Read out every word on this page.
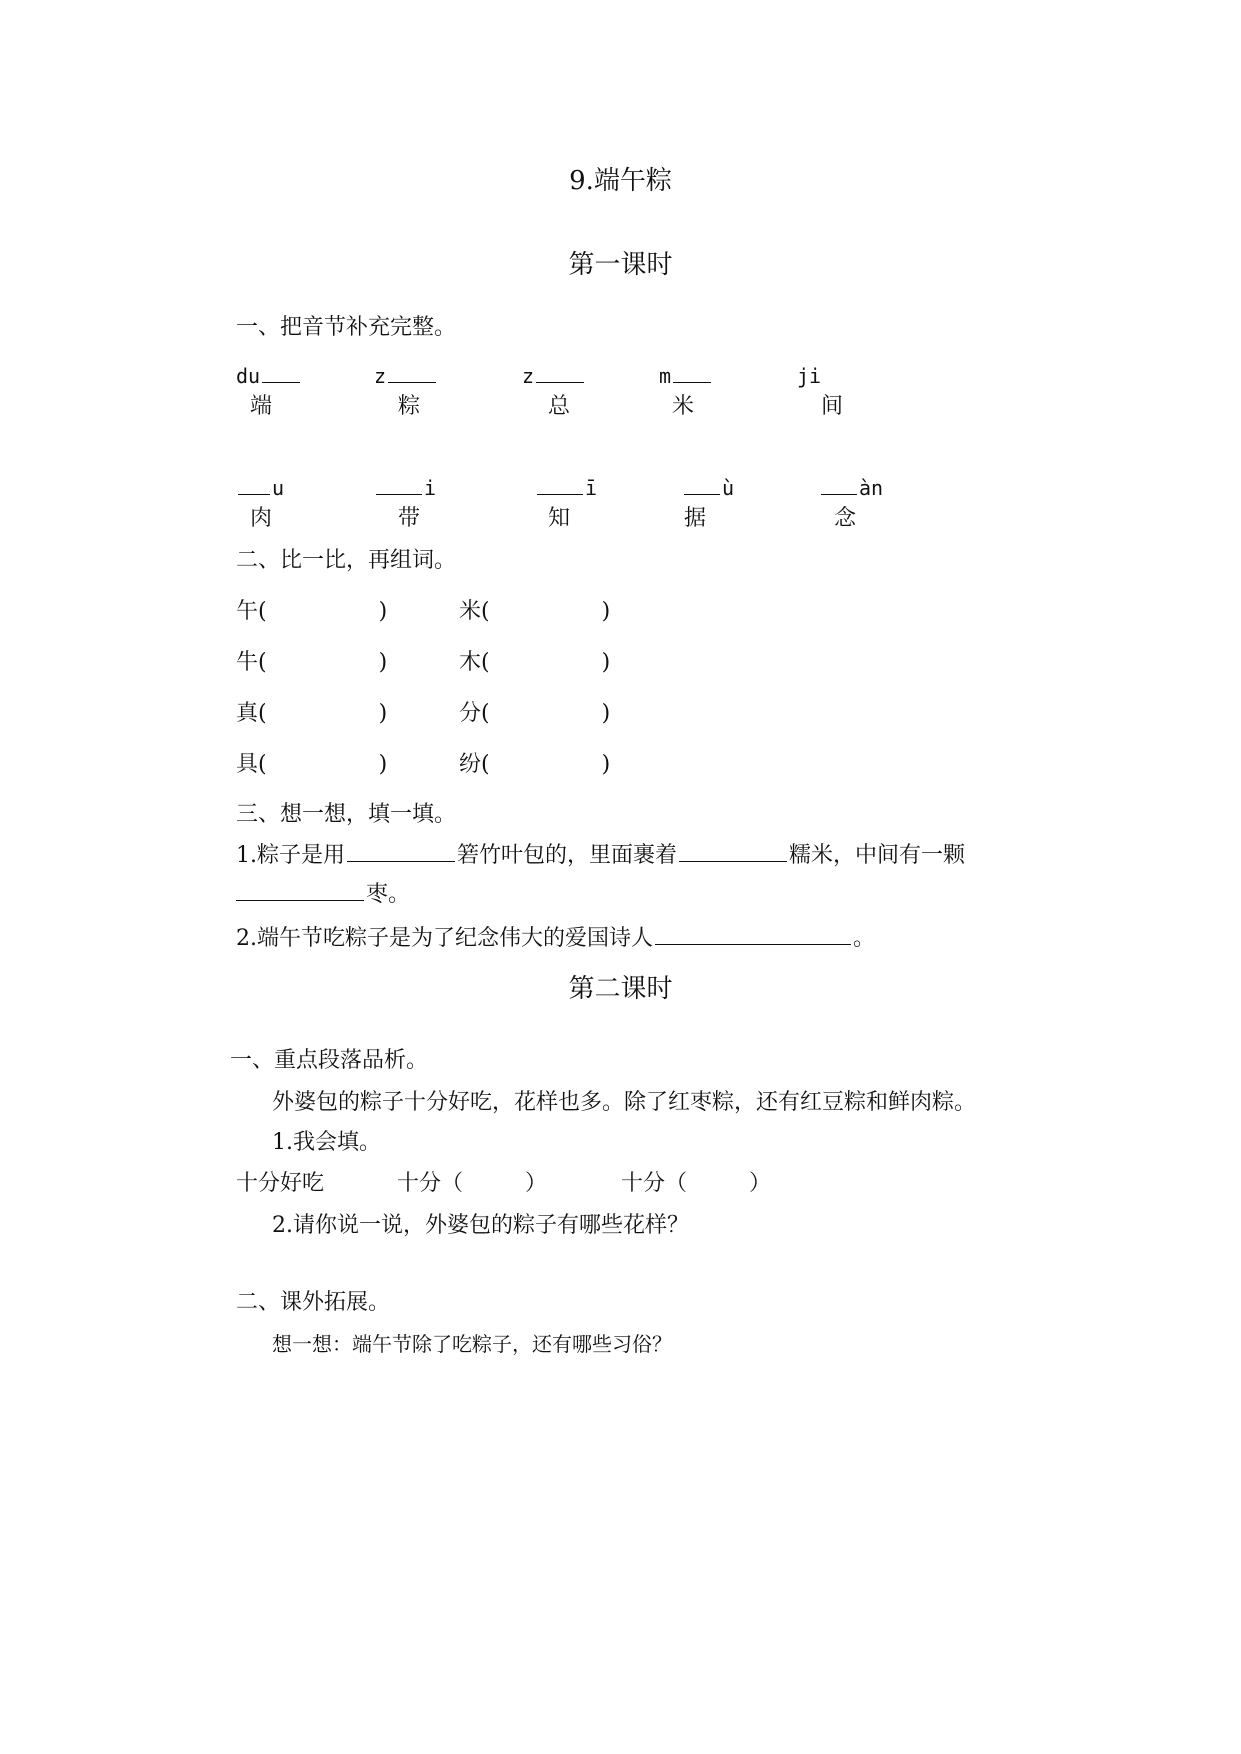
9.端午粽
第一课时
一、把音节补充完整。
du	z	z	m	ji
端	粽	总	米	间
u	i	ī	ù	àn
肉	带	知	据	念
二、比一比，再组词。
午(	)	米(	)
牛(	)	木(	)
真(	)	分(	)
具(	)	纷(	)
三、想一想，填一填。
1.粽子是用	箬竹叶包的，里面裹着	糯米，中间有一颗
枣。
2.端午节吃粽子是为了纪念伟大的爱国诗人	。
第二课时
一、重点段落品析。
外婆包的粽子十分好吃，花样也多。除了红枣粽，还有红豆粽和鲜肉粽。
1.我会填。
十分好吃	十分（	）	十分（	）
2.请你说一说，外婆包的粽子有哪些花样？
二、课外拓展。
想一想：端午节除了吃粽子，还有哪些习俗？
